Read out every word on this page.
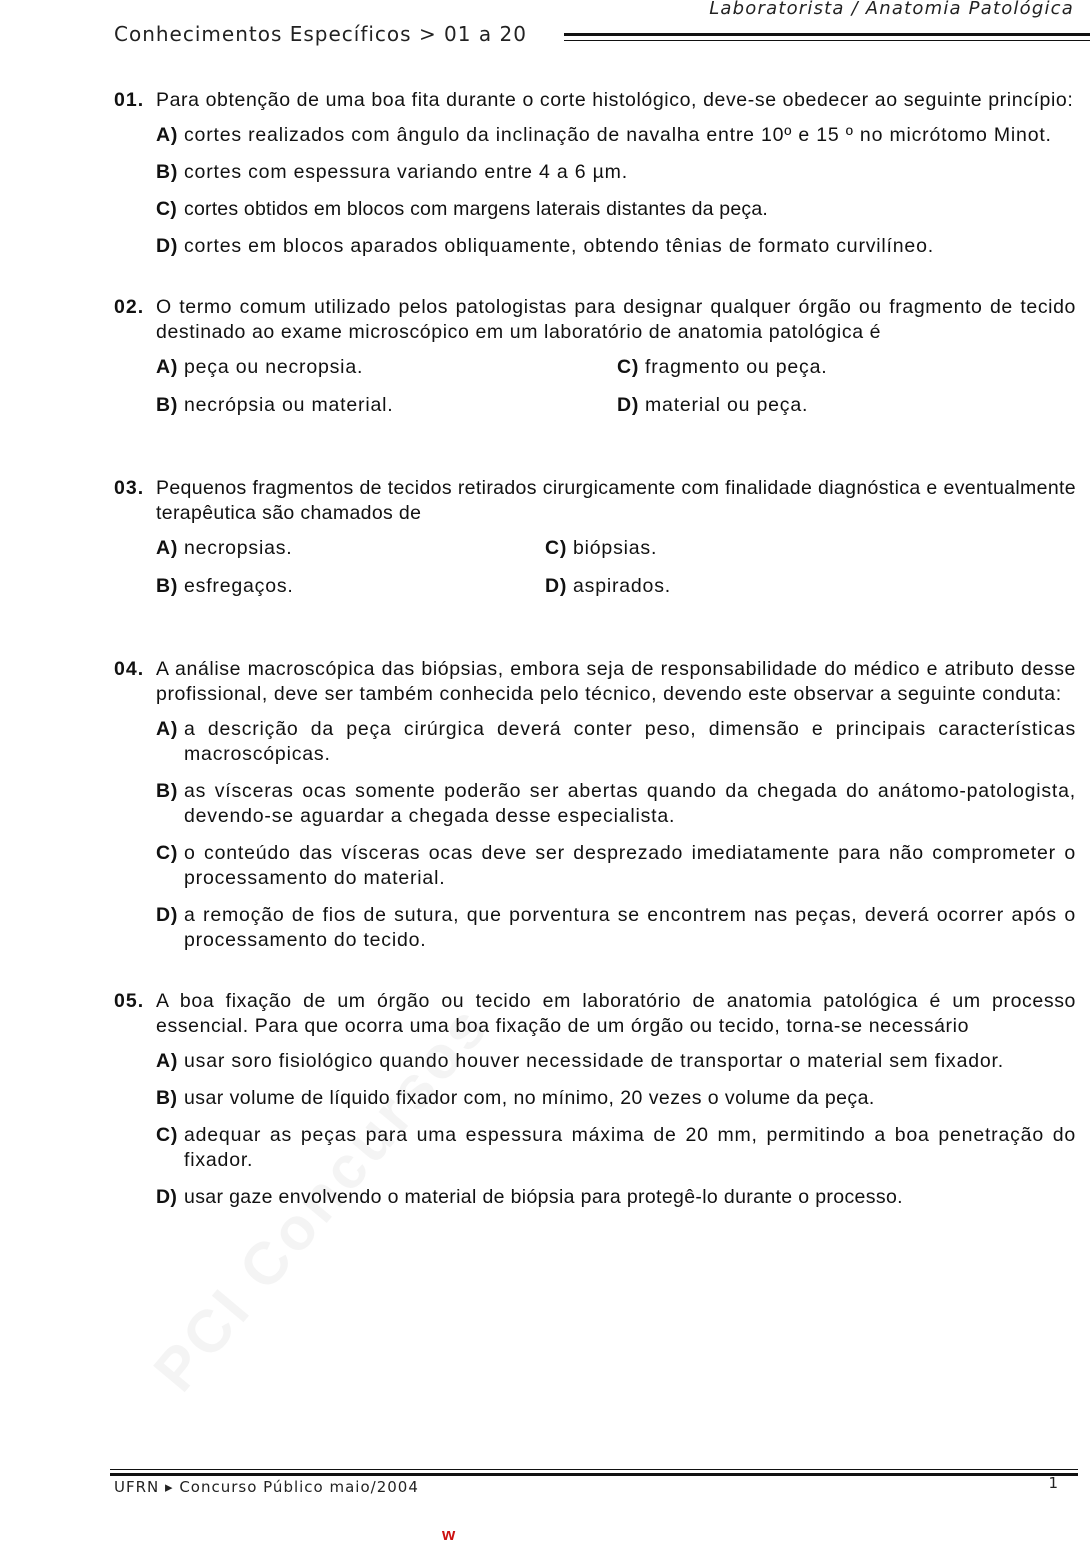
Laboratorista / Anatomia Patológica
Conhecimentos Específicos > 01 a 20
01. Para obtenção de uma boa fita durante o corte histológico, deve-se obedecer ao seguinte princípio:
A) cortes realizados com ângulo da inclinação de navalha entre 10º e 15 º no micrótomo Minot.
B) cortes com espessura variando entre 4 a 6 µm.
C) cortes obtidos em blocos com margens laterais distantes da peça.
D) cortes em blocos aparados obliquamente, obtendo tênias de formato curvilíneo.
02. O termo comum utilizado pelos patologistas para designar qualquer órgão ou fragmento de tecido destinado ao exame microscópico em um laboratório de anatomia patológica é
A) peça ou necropsia.	C) fragmento ou peça.
B) necrópsia ou material.	D) material ou peça.
03. Pequenos fragmentos de tecidos retirados cirurgicamente com finalidade diagnóstica e eventualmente terapêutica são chamados de
A) necropsias.	C) biópsias.
B) esfregaços.	D) aspirados.
04. A análise macroscópica das biópsias, embora seja de responsabilidade do médico e atributo desse profissional, deve ser também conhecida pelo técnico, devendo este observar a seguinte conduta:
A) a descrição da peça cirúrgica deverá conter peso, dimensão e principais características macroscópicas.
B) as vísceras ocas somente poderão ser abertas quando da chegada do anátomo-patologista, devendo-se aguardar a chegada desse especialista.
C) o conteúdo das vísceras ocas deve ser desprezado imediatamente para não comprometer o processamento do material.
D) a remoção de fios de sutura, que porventura se encontrem nas peças, deverá ocorrer após o processamento do tecido.
05. A boa fixação de um órgão ou tecido em laboratório de anatomia patológica é um processo essencial. Para que ocorra uma boa fixação de um órgão ou tecido, torna-se necessário
A) usar soro fisiológico quando houver necessidade de transportar o material sem fixador.
B) usar volume de líquido fixador com, no mínimo, 20 vezes o volume da peça.
C) adequar as peças para uma espessura máxima de 20 mm, permitindo a boa penetração do fixador.
D) usar gaze envolvendo o material de biópsia para protegê-lo durante o processo.
UFRN ▸ Concurso Público maio/2004	1
w
